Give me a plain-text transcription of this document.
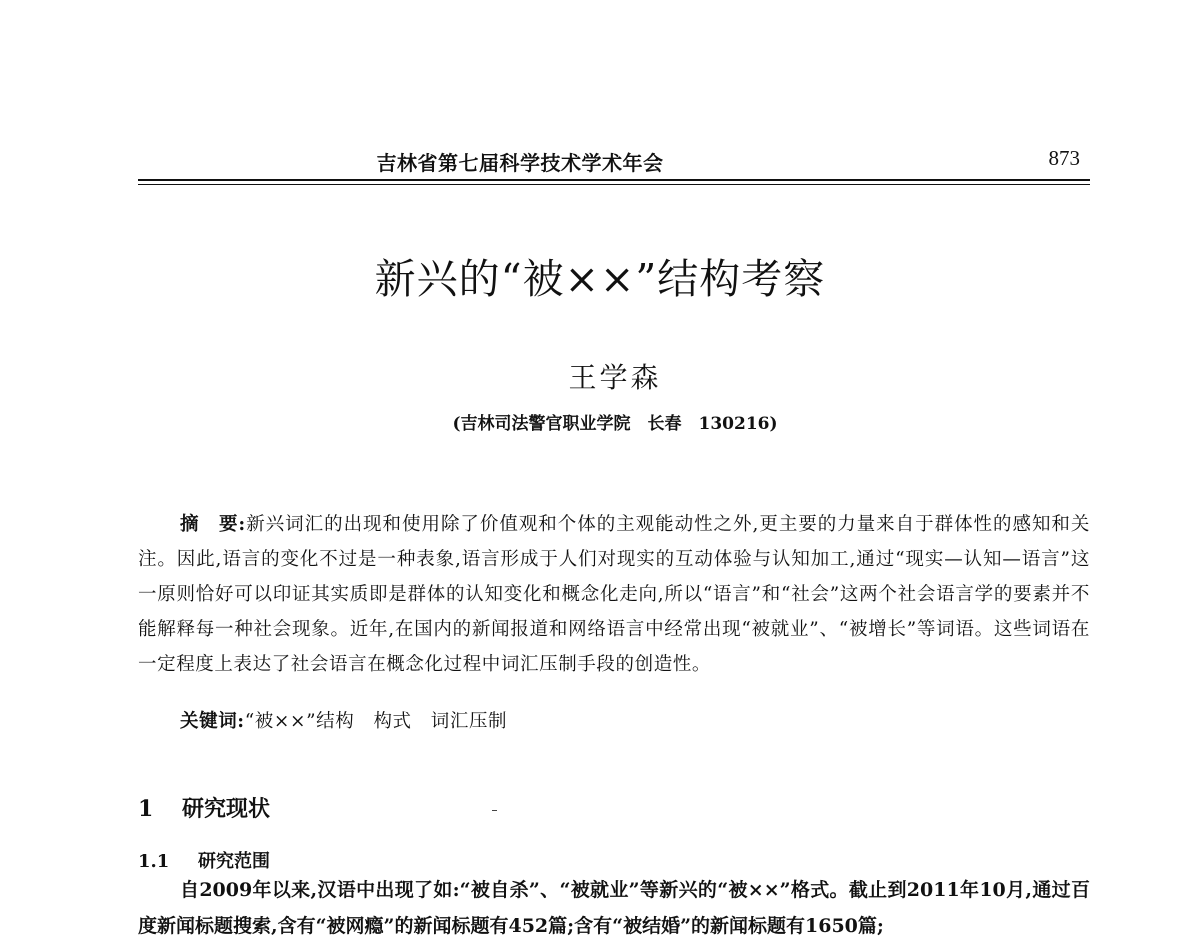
吉林省第七届科学技术学术年会	873
新兴的“被××”结构考察
王学森
(吉林司法警官职业学院　长春　130216)

摘　要:新兴词汇的出现和使用除了价值观和个体的主观能动性之外,更主要的力量来自于群体性的感知和关注。因此,语言的变化不过是一种表象,语言形成于人们对现实的互动体验与认知加工,通过“现实—认知—语言”这一原则恰好可以印证其实质即是群体的认知变化和概念化走向,所以“语言”和“社会”这两个社会语言学的要素并不能解释每一种社会现象。近年,在国内的新闻报道和网络语言中经常出现“被就业”、“被增长”等词语。这些词语在一定程度上表达了社会语言在概念化过程中词汇压制手段的创造性。

关键词:“被××”结构　构式　词汇压制
1 研究现状
1.1 研究范围

自2009年以来,汉语中出现了如:“被自杀”、“被就业”等新兴的“被××”格式。截止到2011年10月,通过百度新闻标题搜索,含有“被网瘾”的新闻标题有452篇;含有“被结婚”的新闻标题有1650篇;
